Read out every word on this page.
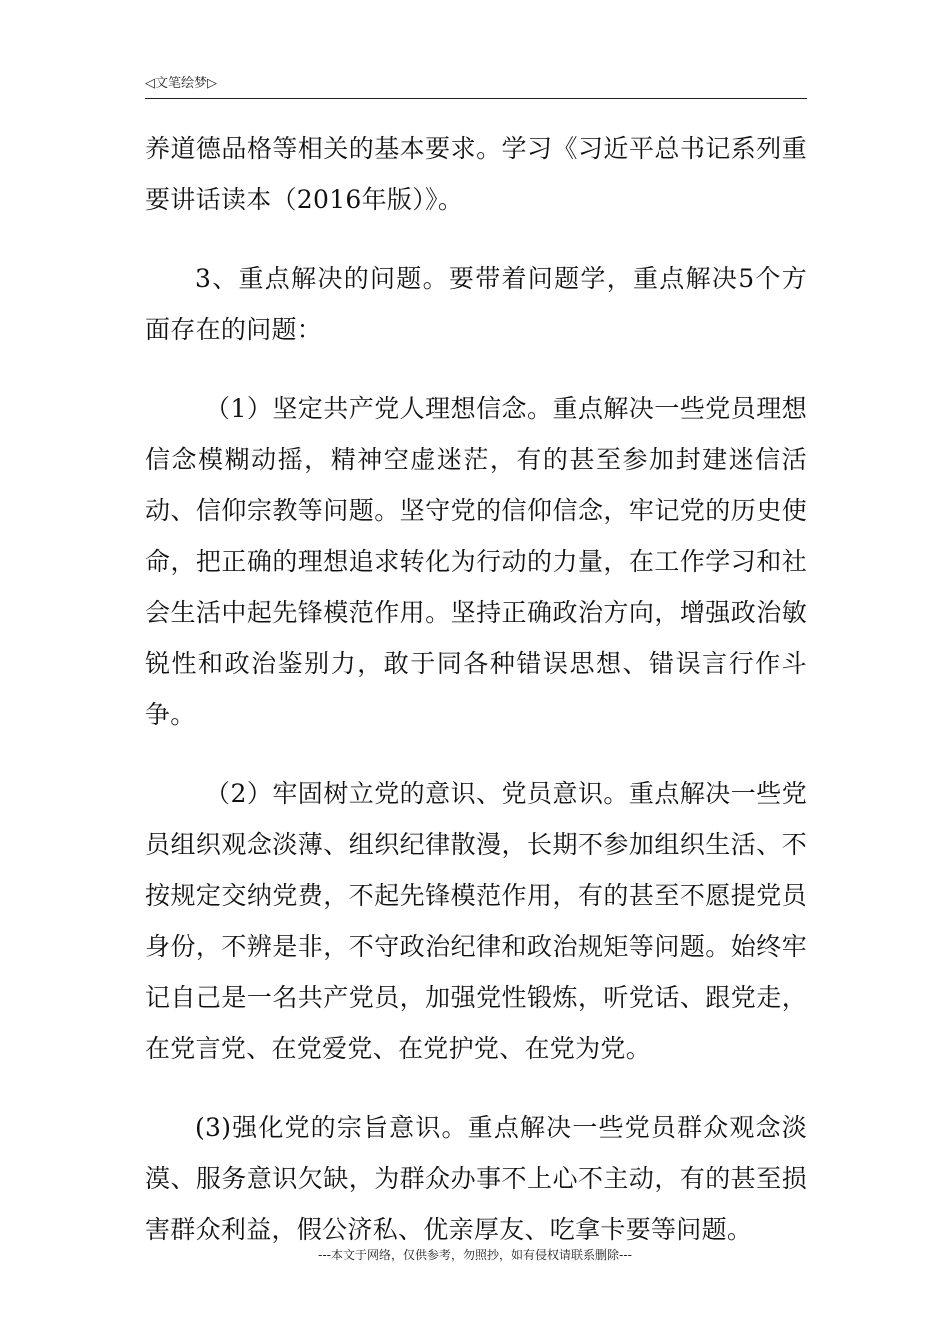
◁文笔绘梦▷

养道德品格等相关的基本要求。学习《习近平总书记系列重要讲话读本（2016年版）》。

3、重点解决的问题。要带着问题学，重点解决5个方面存在的问题：

（1）坚定共产党人理想信念。重点解决一些党员理想信念模糊动摇，精神空虚迷茫，有的甚至参加封建迷信活动、信仰宗教等问题。坚守党的信仰信念，牢记党的历史使命，把正确的理想追求转化为行动的力量，在工作学习和社会生活中起先锋模范作用。坚持正确政治方向，增强政治敏锐性和政治鉴别力，敢于同各种错误思想、错误言行作斗争。

（2）牢固树立党的意识、党员意识。重点解决一些党员组织观念淡薄、组织纪律散漫，长期不参加组织生活、不按规定交纳党费，不起先锋模范作用，有的甚至不愿提党员身份，不辨是非，不守政治纪律和政治规矩等问题。始终牢记自己是一名共产党员，加强党性锻炼，听党话、跟党走，在党言党、在党爱党、在党护党、在党为党。

(3)强化党的宗旨意识。重点解决一些党员群众观念淡漠、服务意识欠缺，为群众办事不上心不主动，有的甚至损害群众利益，假公济私、优亲厚友、吃拿卡要等问题。

---本文于网络，仅供参考，勿照抄，如有侵权请联系删除---
